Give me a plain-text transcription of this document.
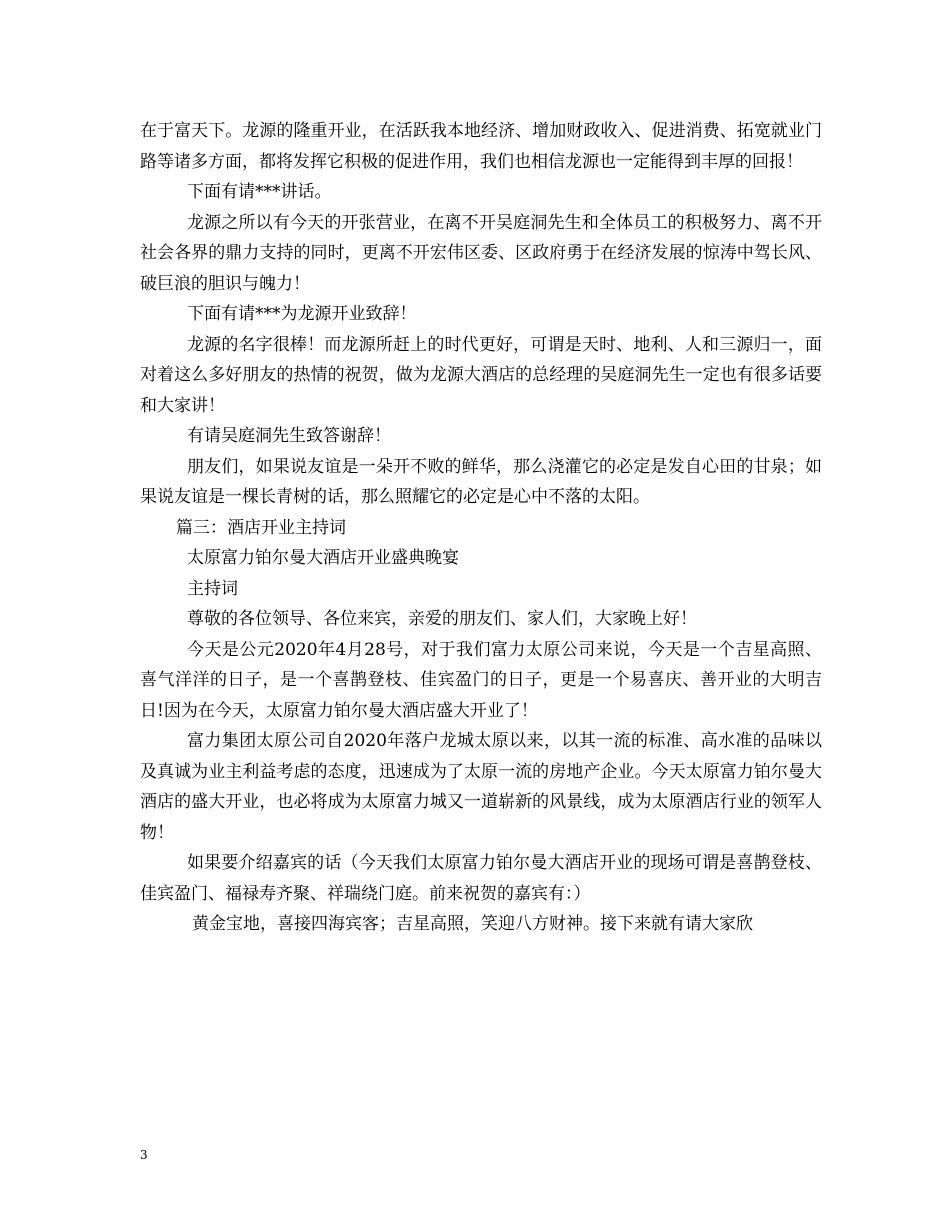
在于富天下。龙源的隆重开业，在活跃我本地经济、增加财政收入、促进消费、拓宽就业门路等诸多方面，都将发挥它积极的促进作用，我们也相信龙源也一定能得到丰厚的回报！

下面有请***讲话。

龙源之所以有今天的开张营业，在离不开吴庭洞先生和全体员工的积极努力、离不开社会各界的鼎力支持的同时，更离不开宏伟区委、区政府勇于在经济发展的惊涛中驾长风、破巨浪的胆识与魄力！

下面有请***为龙源开业致辞！

龙源的名字很棒！而龙源所赶上的时代更好，可谓是天时、地利、人和三源归一，面对着这么多好朋友的热情的祝贺，做为龙源大酒店的总经理的吴庭洞先生一定也有很多话要和大家讲！

有请吴庭洞先生致答谢辞！

朋友们，如果说友谊是一朵开不败的鲜华，那么浇灌它的必定是发自心田的甘泉；如果说友谊是一棵长青树的话，那么照耀它的必定是心中不落的太阳。

篇三：酒店开业主持词

太原富力铂尔曼大酒店开业盛典晚宴

主持词

尊敬的各位领导、各位来宾，亲爱的朋友们、家人们，大家晚上好！

今天是公元2020年4月28号，对于我们富力太原公司来说，今天是一个吉星高照、喜气洋洋的日子，是一个喜鹊登枝、佳宾盈门的日子，更是一个易喜庆、善开业的大明吉日!因为在今天，太原富力铂尔曼大酒店盛大开业了！

富力集团太原公司自2020年落户龙城太原以来，以其一流的标准、高水准的品味以及真诚为业主利益考虑的态度，迅速成为了太原一流的房地产企业。今天太原富力铂尔曼大酒店的盛大开业，也必将成为太原富力城又一道崭新的风景线，成为太原酒店行业的领军人物！

如果要介绍嘉宾的话（今天我们太原富力铂尔曼大酒店开业的现场可谓是喜鹊登枝、佳宾盈门、福禄寿齐聚、祥瑞绕门庭。前来祝贺的嘉宾有：）

黄金宝地，喜接四海宾客；吉星高照，笑迎八方财神。接下来就有请大家欣

3
